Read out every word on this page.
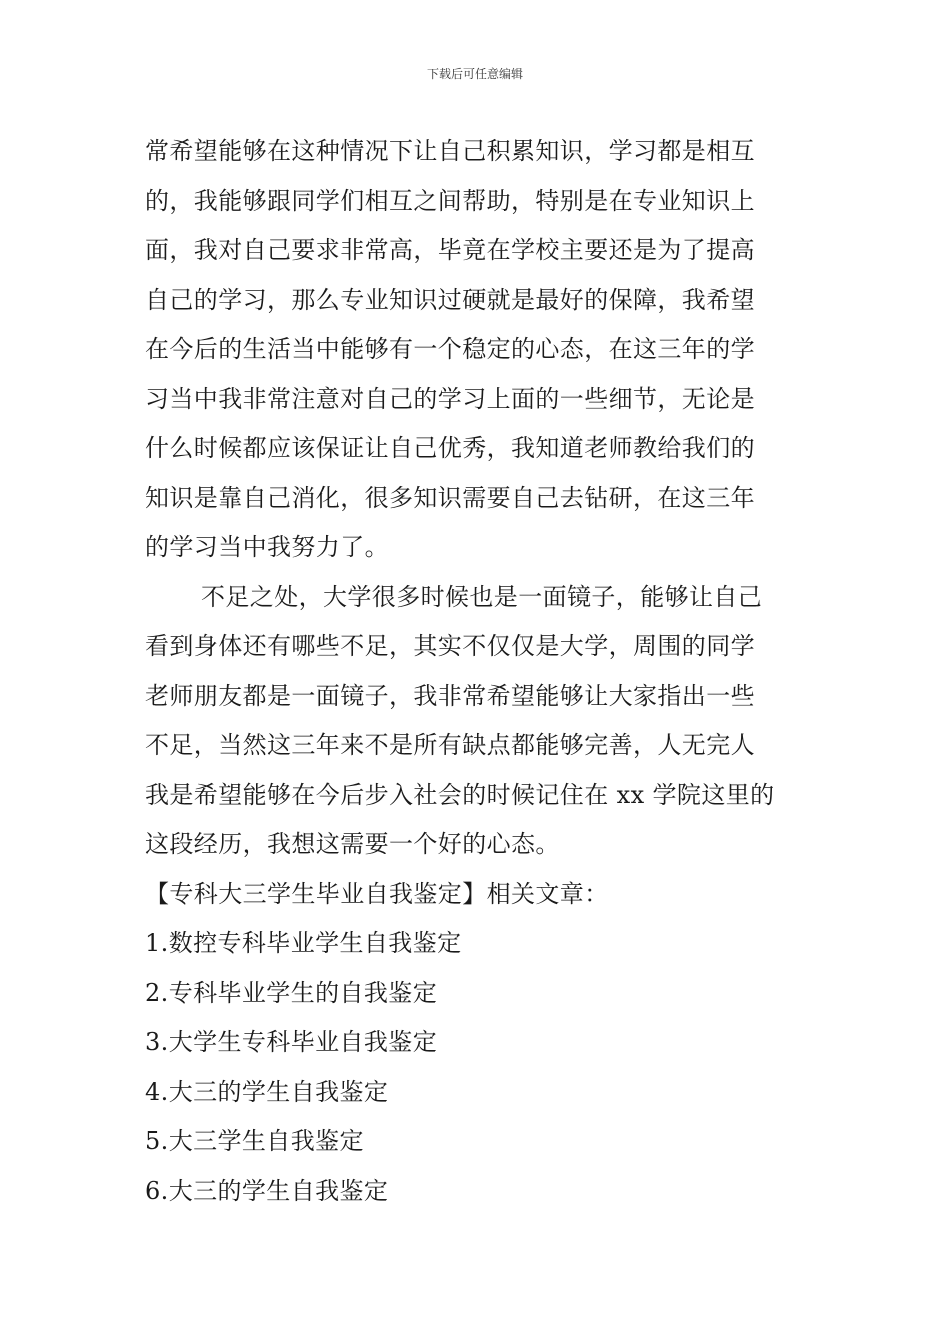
下载后可任意编辑
常希望能够在这种情况下让自己积累知识，学习都是相互
的，我能够跟同学们相互之间帮助，特别是在专业知识上
面，我对自己要求非常高，毕竟在学校主要还是为了提高
自己的学习，那么专业知识过硬就是最好的保障，我希望
在今后的生活当中能够有一个稳定的心态，在这三年的学
习当中我非常注意对自己的学习上面的一些细节，无论是
什么时候都应该保证让自己优秀，我知道老师教给我们的
知识是靠自己消化，很多知识需要自己去钻研，在这三年
的学习当中我努力了。
不足之处，大学很多时候也是一面镜子，能够让自己
看到身体还有哪些不足，其实不仅仅是大学，周围的同学
老师朋友都是一面镜子，我非常希望能够让大家指出一些
不足，当然这三年来不是所有缺点都能够完善，人无完人
我是希望能够在今后步入社会的时候记住在 xx 学院这里的
这段经历，我想这需要一个好的心态。
【专科大三学生毕业自我鉴定】相关文章：
1.数控专科毕业学生自我鉴定
2.专科毕业学生的自我鉴定
3.大学生专科毕业自我鉴定
4.大三的学生自我鉴定
5.大三学生自我鉴定
6.大三的学生自我鉴定
